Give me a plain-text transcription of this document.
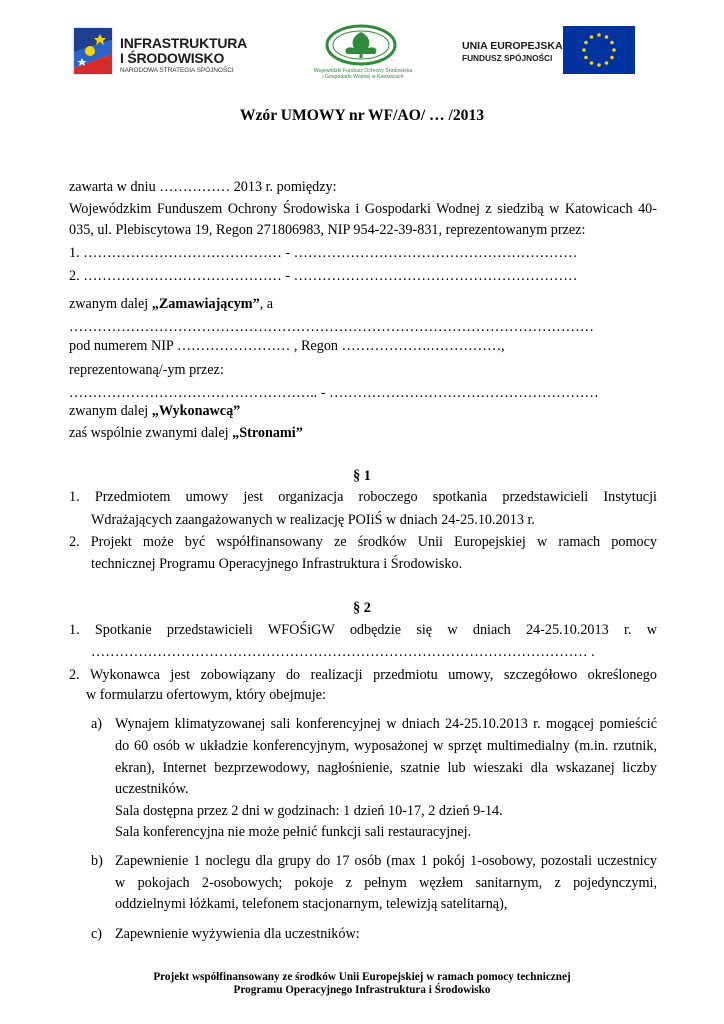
INFRASTRUKTURA
I ŚRODOWISKO
NARODOWA STRATEGIA SPÓJNOŚCI	Wojewódzki Fundusz Ochrony Środowiska
i Gospodarki Wodnej w Katowicach
UNIA EUROPEJSKA
FUNDUSZ SPÓJNOŚCI
Wzór UMOWY nr WF/AO/ … /2013
zawarta w dniu …………… 2013 r. pomiędzy:
Wojewódzkim Funduszem Ochrony Środowiska i Gospodarki Wodnej z siedzibą w Katowicach 40-
035, ul. Plebiscytowa 19, Regon 271806983, NIP 954-22-39-831, reprezentowanym przez:
1. …………………………………… - ……………………………………………………
2. …………………………………… - ……………………………………………………
zwanym dalej „Zamawiającym”, a
…………………………………………………………………………………………………
pod numerem NIP …………………… , Regon ……………….……………,
reprezentowaną/-ym przez:
…………………………………………….. - …………………………………………………
zwanym dalej „Wykonawcą”
zaś wspólnie zwanymi dalej „Stronami”
§ 1
1. Przedmiotem umowy jest organizacja roboczego spotkania przedstawicieli Instytucji
Wdrażających zaangażowanych w realizację POIiŚ w dniach 24-25.10.2013 r.
2. Projekt może być współfinansowany ze środków Unii Europejskiej w ramach pomocy
technicznej Programu Operacyjnego Infrastruktura i Środowisko.
§ 2
1. Spotkanie przedstawicieli WFOŚiGW odbędzie się w dniach 24-25.10.2013 r. w
…………………………………………………………………………………………… .
2. Wykonawca jest zobowiązany do realizacji przedmiotu umowy, szczegółowo określonego
w formularzu ofertowym, który obejmuje:
a) Wynajem klimatyzowanej sali konferencyjnej w dniach 24-25.10.2013 r. mogącej pomieścić
do 60 osób w układzie konferencyjnym, wyposażonej w sprzęt multimedialny (m.in. rzutnik,
ekran), Internet bezprzewodowy, nagłośnienie, szatnie lub wieszaki dla wskazanej liczby
uczestników.
Sala dostępna przez 2 dni w godzinach: 1 dzień 10-17, 2 dzień 9-14.
Sala konferencyjna nie może pełnić funkcji sali restauracyjnej.
b) Zapewnienie 1 noclegu dla grupy do 17 osób (max 1 pokój 1-osobowy, pozostali uczestnicy
w pokojach 2-osobowych; pokoje z pełnym węzłem sanitarnym, z pojedynczymi,
oddzielnymi łóżkami, telefonem stacjonarnym, telewizją satelitarną),
c) Zapewnienie wyżywienia dla uczestników:
Projekt współfinansowany ze środków Unii Europejskiej w ramach pomocy technicznej
Programu Operacyjnego Infrastruktura i Środowisko
